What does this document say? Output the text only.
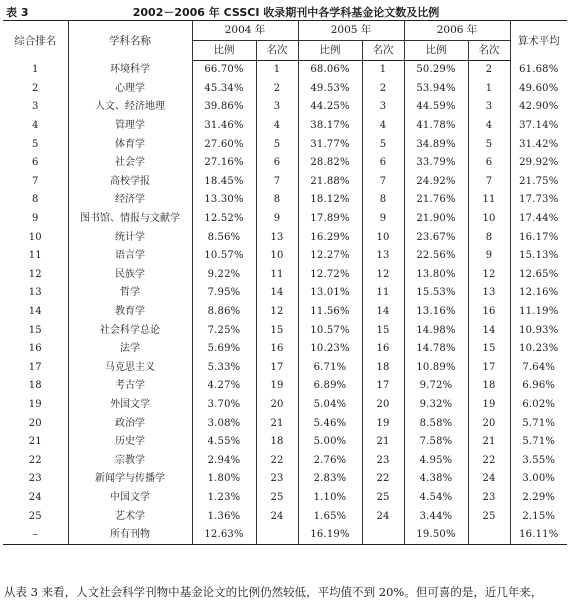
表 3	2002－2006 年 CSSCI 收录期刊中各学科基金论文数及比例
综合排名	学科名称	2004 年		2005 年		2006 年		算术平均
		比例	名次	比例	名次	比例	名次	
1	环境科学	66.70%	1	68.06%	1	50.29%	2	61.68%
2	心理学	45.34%	2	49.53%	2	53.94%	1	49.60%
3	人文、经济地理	39.86%	3	44.25%	3	44.59%	3	42.90%
4	管理学	31.46%	4	38.17%	4	41.78%	4	37.14%
5	体育学	27.60%	5	31.77%	5	34.89%	5	31.42%
6	社会学	27.16%	6	28.82%	6	33.79%	6	29.92%
7	高校学报	18.45%	7	21.88%	7	24.92%	7	21.75%
8	经济学	13.30%	8	18.12%	8	21.76%	11	17.73%
9	图书馆、情报与文献学	12.52%	9	17.89%	9	21.90%	10	17.44%
10	统计学	8.56%	13	16.29%	10	23.67%	8	16.17%
11	语言学	10.57%	10	12.27%	13	22.56%	9	15.13%
12	民族学	9.22%	11	12.72%	12	13.80%	12	12.65%
13	哲学	7.95%	14	13.01%	11	15.53%	13	12.16%
14	教育学	8.86%	12	11.56%	14	13.16%	16	11.19%
15	社会科学总论	7.25%	15	10.57%	15	14.98%	14	10.93%
16	法学	5.69%	16	10.23%	16	14.78%	15	10.23%
17	马克思主义	5.33%	17	6.71%	18	10.89%	17	7.64%
18	考古学	4.27%	19	6.89%	17	9.72%	18	6.96%
19	外国文学	3.70%	20	5.04%	20	9.32%	19	6.02%
20	政治学	3.08%	21	5.46%	19	8.58%	20	5.71%
21	历史学	4.55%	18	5.00%	21	7.58%	21	5.71%
22	宗教学	2.94%	22	2.76%	23	4.95%	22	3.55%
23	新闻学与传播学	1.80%	23	2.83%	22	4.38%	24	3.00%
24	中国文学	1.23%	25	1.10%	25	4.54%	23	2.29%
25	艺术学	1.36%	24	1.65%	24	3.44%	25	2.15%
–	所有刊物	12.63%		16.19%		19.50%		16.11%
从表 3 来看，人文社会科学刊物中基金论文的比例仍然较低，平均值不到 20%。但可喜的是，近几年来，
